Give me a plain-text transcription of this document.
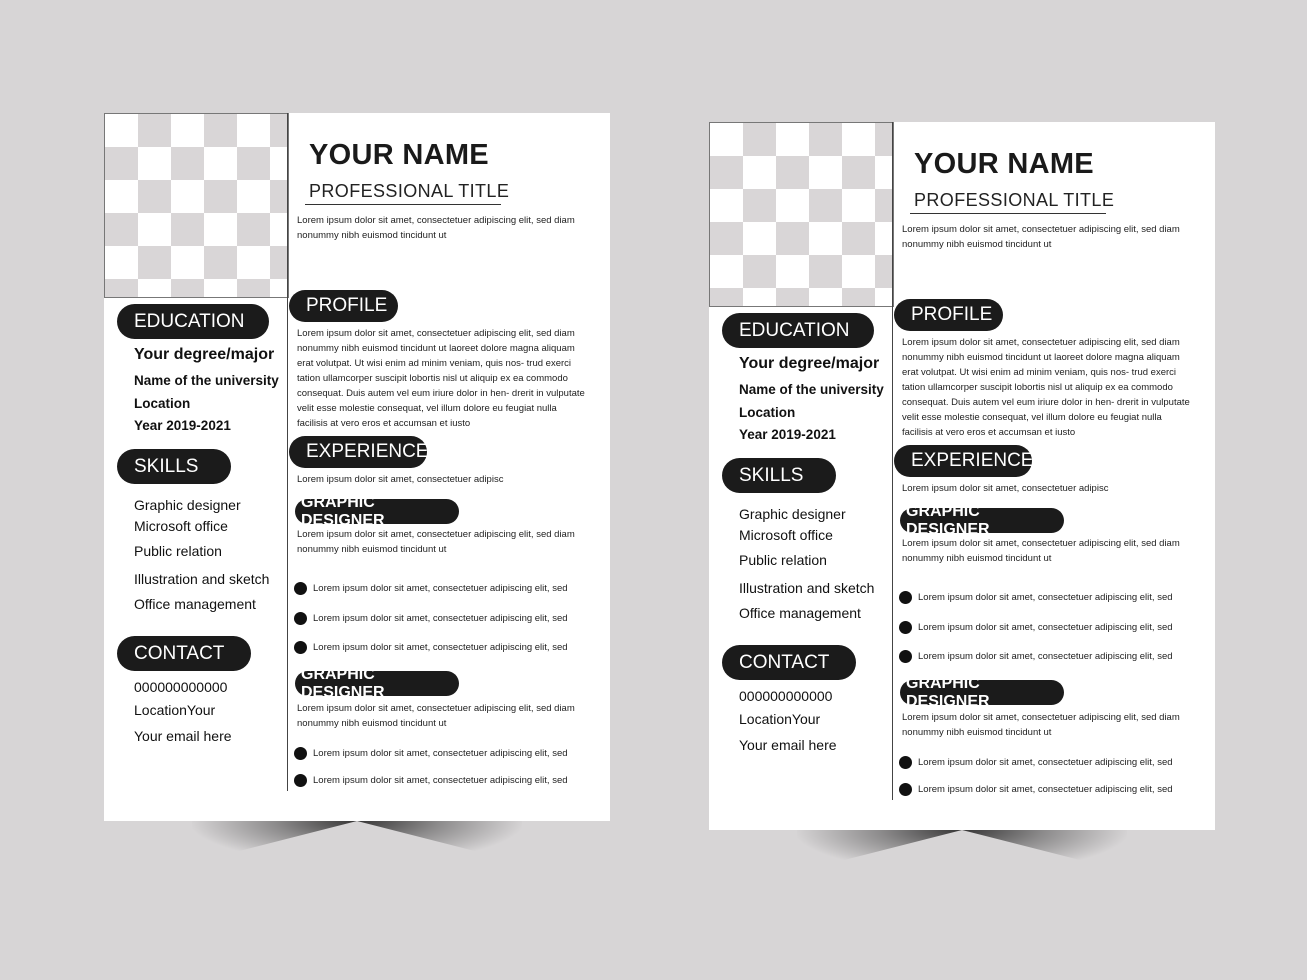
YOUR NAME
PROFESSIONAL TITLE
Lorem ipsum dolor sit amet, consectetuer adipiscing elit, sed diam nonummy nibh euismod tincidunt ut
EDUCATION
Your degree/major
Name of the university
Location
Year 2019-2021
SKILLS
Graphic designer
Microsoft office
Public relation
Illustration and sketch
Office management
CONTACT
000000000000
LocationYour
Your email here
PROFILE
Lorem ipsum dolor sit amet, consectetuer adipiscing elit, sed diam nonummy nibh euismod tincidunt ut laoreet dolore magna aliquam erat volutpat. Ut wisi enim ad minim veniam, quis nos- trud exerci tation ullamcorper suscipit lobortis nisl ut aliquip ex ea commodo consequat. Duis autem vel eum iriure dolor in hen- drerit in vulputate velit esse molestie consequat, vel illum dolore eu feugiat nulla facilisis at vero eros et accumsan et iusto
EXPERIENCE
Lorem ipsum dolor sit amet, consectetuer adipisc
GRAPHIC DESIGNER
Lorem ipsum dolor sit amet, consectetuer adipiscing elit, sed diam nonummy nibh euismod tincidunt ut
Lorem ipsum dolor sit amet, consectetuer adipiscing elit, sed
Lorem ipsum dolor sit amet, consectetuer adipiscing elit, sed
Lorem ipsum dolor sit amet, consectetuer adipiscing elit, sed
GRAPHIC DESIGNER
Lorem ipsum dolor sit amet, consectetuer adipiscing elit, sed diam nonummy nibh euismod tincidunt ut
Lorem ipsum dolor sit amet, consectetuer adipiscing elit, sed
Lorem ipsum dolor sit amet, consectetuer adipiscing elit, sed
YOUR NAME
PROFESSIONAL TITLE
Lorem ipsum dolor sit amet, consectetuer adipiscing elit, sed diam nonummy nibh euismod tincidunt ut
EDUCATION
Your degree/major
Name of the university
Location
Year 2019-2021
SKILLS
Graphic designer
Microsoft office
Public relation
Illustration and sketch
Office management
CONTACT
000000000000
LocationYour
Your email here
PROFILE
Lorem ipsum dolor sit amet, consectetuer adipiscing elit, sed diam nonummy nibh euismod tincidunt ut laoreet dolore magna aliquam erat volutpat. Ut wisi enim ad minim veniam, quis nos- trud exerci tation ullamcorper suscipit lobortis nisl ut aliquip ex ea commodo consequat. Duis autem vel eum iriure dolor in hen- drerit in vulputate velit esse molestie consequat, vel illum dolore eu feugiat nulla facilisis at vero eros et accumsan et iusto
EXPERIENCE
Lorem ipsum dolor sit amet, consectetuer adipisc
GRAPHIC DESIGNER
Lorem ipsum dolor sit amet, consectetuer adipiscing elit, sed diam nonummy nibh euismod tincidunt ut
Lorem ipsum dolor sit amet, consectetuer adipiscing elit, sed
Lorem ipsum dolor sit amet, consectetuer adipiscing elit, sed
Lorem ipsum dolor sit amet, consectetuer adipiscing elit, sed
GRAPHIC DESIGNER
Lorem ipsum dolor sit amet, consectetuer adipiscing elit, sed diam nonummy nibh euismod tincidunt ut
Lorem ipsum dolor sit amet, consectetuer adipiscing elit, sed
Lorem ipsum dolor sit amet, consectetuer adipiscing elit, sed
